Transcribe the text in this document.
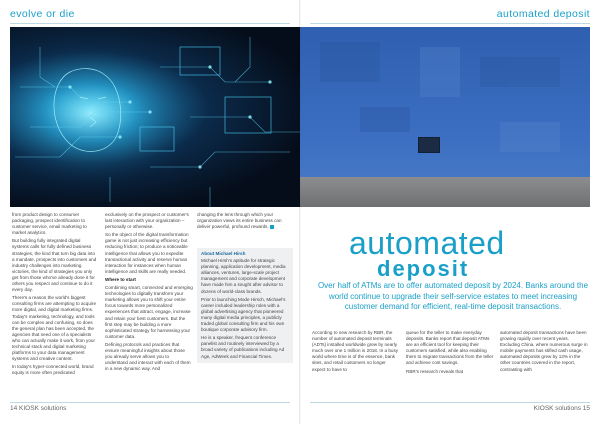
evolve or die

from product design to consumer packaging, prospect identification to customer service, email marketing to market analytics.

But building fully integrated digital systems calls for fully defined business strategies, the kind that turn big data into a mandate, prospects into customers and industry challenges into marketing victories, the kind of strategies you only get from those who've already done it for others you respect and continue to do it every day.

There's a reason the world's biggest consulting firms are attempting to acquire more digital, and digital marketing firms. Today's marketing, technology, and tools can be complex and confusing, so does the general plan has been accepted, the agencies that need one of a specialists who can actually make it work, from your technical stack and digital marketing platforms to your data management systems and creative content.

In today's hyper-connected world, brand equity is more often predicated

exclusively on the prospect or customer's last interaction with your organization – personally or otherwise.

So the object of the digital transformation game is not just increasing efficiency but reducing friction; to produce a noticeable intelligence that allows you to expedite transactional activity and reserve human interaction for instances when human intelligence and skills are really needed.

Where to start

Combining smart, connected and emerging technologies to digitally transform your marketing allows you to shift your entire focus towards more personalized experiences that attract, engage, increase and retain your best customers. But the first step may be building a more sophisticated strategy for harnessing your customer data.

Defining protocols and practices that ensure meaningful insights about those you already serve allows you to understand and interact with each of them in a new dynamic way. And

changing the lens through which your organization views its entire business can deliver powerful, profound rewards.

About Michael Hirsh

Michael Hirsh's aptitude for strategic planning, application development, media alliances, ventures, large-scale project management and corporate development have made him a sought after advisor to dozens of world-class brands.

Prior to launching Mode Hirsch, Michael's career included leadership roles with a global advertising agency that pioneered many digital media principles, a publicly traded global consulting firm and his own boutique corporate advisory firm.

He is a speaker, frequent conference panelist and routinely interviewed by a broad variety of publications including Ad Age, AdWeek and Financial Times.

14 KIOSK solutions
automated deposit
automated
deposit
Over half of ATMs are to offer automated deposit by 2024. Banks around the world continue to upgrade their self-service estates to meet increasing customer demand for efficient, real-time deposit transactions.

According to new research by RBR, the number of automated deposit terminals (ADTs) installed worldwide grew by nearly much over one 1 million in 2018. In a busy world where time is of the essence, bank sites, and retail customers no longer expect to have to

queue for the teller to make everyday deposits. Banks report that deposit ATMs are an efficient tool for keeping their customers satisfied, while also enabling them to migrate transactions from the teller and achieve cost savings.

RBR's research reveals that

automated deposit transactions have been growing rapidly over recent years. Excluding China, where numerous surge in mobile payments has stifled cash usage, automated deposits grew by 13% in the other countries covered in the report, contrasting with

KIOSK solutions 15
